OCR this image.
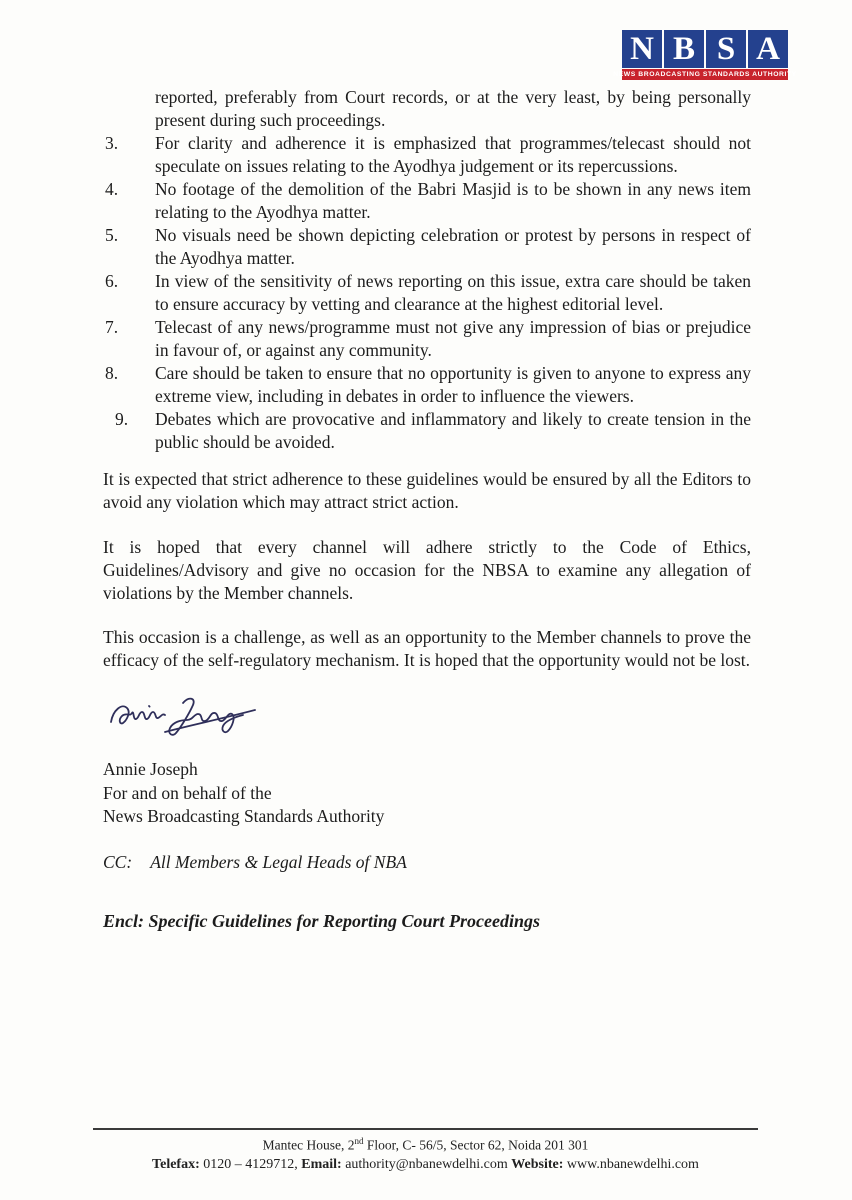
N B S A
NEWS BROADCASTING STANDARDS AUTHORITY
reported, preferably from Court records, or at the very least, by being personally present during such proceedings.
3. For clarity and adherence it is emphasized that programmes/telecast should not speculate on issues relating to the Ayodhya judgement or its repercussions.
4. No footage of the demolition of the Babri Masjid is to be shown in any news item relating to the Ayodhya matter.
5. No visuals need be shown depicting celebration or protest by persons in respect of the Ayodhya matter.
6. In view of the sensitivity of news reporting on this issue, extra care should be taken to ensure accuracy by vetting and clearance at the highest editorial level.
7. Telecast of any news/programme must not give any impression of bias or prejudice in favour of, or against any community.
8. Care should be taken to ensure that no opportunity is given to anyone to express any extreme view, including in debates in order to influence the viewers.
9. Debates which are provocative and inflammatory and likely to create tension in the public should be avoided.
It is expected that strict adherence to these guidelines would be ensured by all the Editors to avoid any violation which may attract strict action.
It is hoped that every channel will adhere strictly to the Code of Ethics, Guidelines/Advisory and give no occasion for the NBSA to examine any allegation of violations by the Member channels.
This occasion is a challenge, as well as an opportunity to the Member channels to prove the efficacy of the self-regulatory mechanism. It is hoped that the opportunity would not be lost.
Annie Joseph
For and on behalf of the
News Broadcasting Standards Authority
CC: All Members & Legal Heads of NBA
Encl: Specific Guidelines for Reporting Court Proceedings
Mantec House, 2nd Floor, C- 56/5, Sector 62, Noida 201 301
Telefax: 0120 – 4129712, Email: authority@nbanewdelhi.com Website: www.nbanewdelhi.com
